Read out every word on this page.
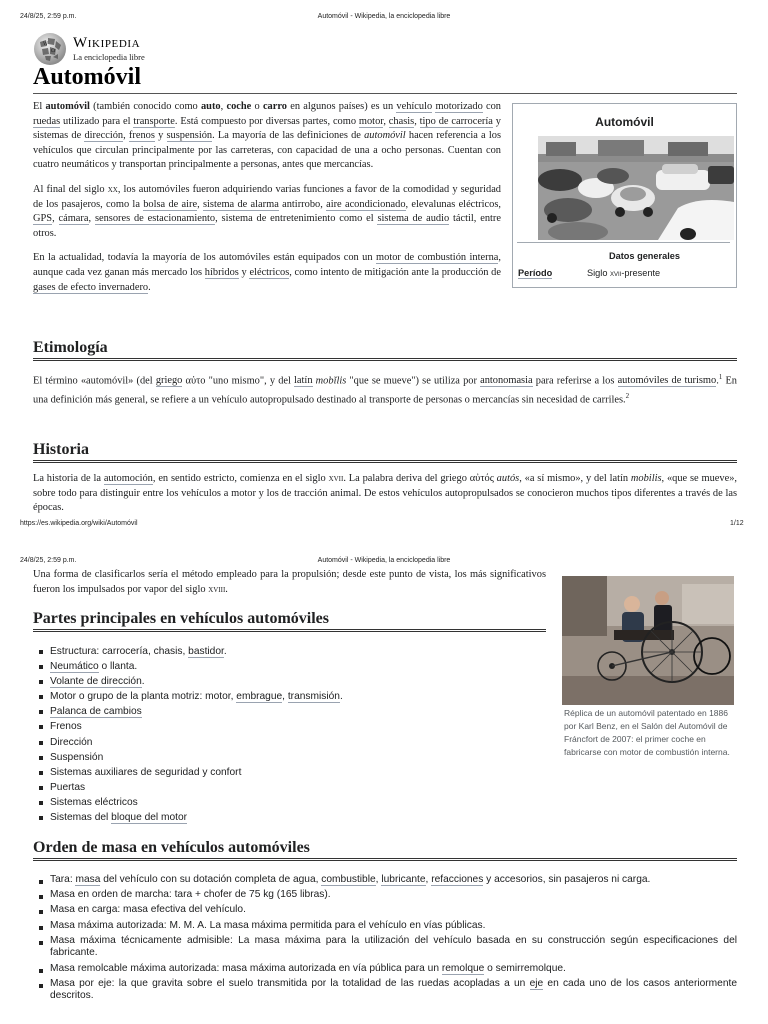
24/8/25, 2:59 p.m.	Automóvil - Wikipedia, la enciclopedia libre
W
Ω Wikipedia
La enciclopedia libre
Automóvil

El automóvil (también conocido como auto, coche o carro en algunos países) es un vehículo motorizado con ruedas utilizado para el transporte. Está compuesto por diversas partes, como motor, chasis, tipo de carrocería y sistemas de dirección, frenos y suspensión. La mayoría de las definiciones de automóvil hacen referencia a los vehículos que circulan principalmente por las carreteras, con capacidad de una a ocho personas. Cuentan con cuatro neumáticos y transportan principalmente a personas, antes que mercancías.

Al final del siglo xx, los automóviles fueron adquiriendo varias funciones a favor de la comodidad y seguridad de los pasajeros, como la bolsa de aire, sistema de alarma antirrobo, aire acondicionado, elevalunas eléctricos, GPS, cámara, sensores de estacionamiento, sistema de entretenimiento como el sistema de audio táctil, entre otros.

En la actualidad, todavía la mayoría de los automóviles están equipados con un motor de combustión interna, aunque cada vez ganan más mercado los híbridos y eléctricos, como intento de mitigación ante la producción de gases de efecto invernadero.

Automóvil
Datos generales
Período	Siglo xvii-presente
Etimología

El término «automóvil» (del griego αὐτο "uno mismo", y del latín mobĭlis "que se mueve") se utiliza por antonomasia para referirse a los automóviles de turismo.$^1$ En una definición más general, se refiere a un vehículo autopropulsado destinado al transporte de personas o mercancías sin necesidad de carriles.$^2$

Historia

La historia de la automoción, en sentido estricto, comienza en el siglo xvii. La palabra deriva del griego αὐτός autós, «a sí mismo», y del latín mobilis, «que se mueve», sobre todo para distinguir entre los vehículos a motor y los de tracción animal. De estos vehículos autopropulsados se conocieron muchos tipos diferentes a través de las épocas.

https://es.wikipedia.org/wiki/Automóvil	1/12
24/8/25, 2:59 p.m.	Automóvil - Wikipedia, la enciclopedia libre

Una forma de clasificarlos sería el método empleado para la propulsión; desde este punto de vista, los más significativos fueron los impulsados por vapor del siglo xviii.

Réplica de un automóvil patentado en 1886 por Karl Benz, en el Salón del Automóvil de Fráncfort de 2007: el primer coche en fabricarse con motor de combustión interna.
Partes principales en vehículos automóviles
Estructura: carrocería, chasis, bastidor.
Neumático o llanta.
Volante de dirección.
Motor o grupo de la planta motriz: motor, embrague, transmisión.
Palanca de cambios
Frenos
Dirección
Suspensión
Sistemas auxiliares de seguridad y confort
Puertas
Sistemas eléctricos
Sistemas del bloque del motor
Orden de masa en vehículos automóviles
Tara: masa del vehículo con su dotación completa de agua, combustible, lubricante, refacciones y accesorios, sin pasajeros ni carga.
Masa en orden de marcha: tara + chofer de 75 kg (165 libras).
Masa en carga: masa efectiva del vehículo.
Masa máxima autorizada: M. M. A. La masa máxima permitida para el vehículo en vías públicas.
Masa máxima técnicamente admisible: La masa máxima para la utilización del vehículo basada en su construcción según especificaciones del fabricante.
Masa remolcable máxima autorizada: masa máxima autorizada en vía pública para un remolque o semirremolque.
Masa por eje: la que gravita sobre el suelo transmitida por la totalidad de las ruedas acopladas a un eje en cada uno de los casos anteriormente descritos.
